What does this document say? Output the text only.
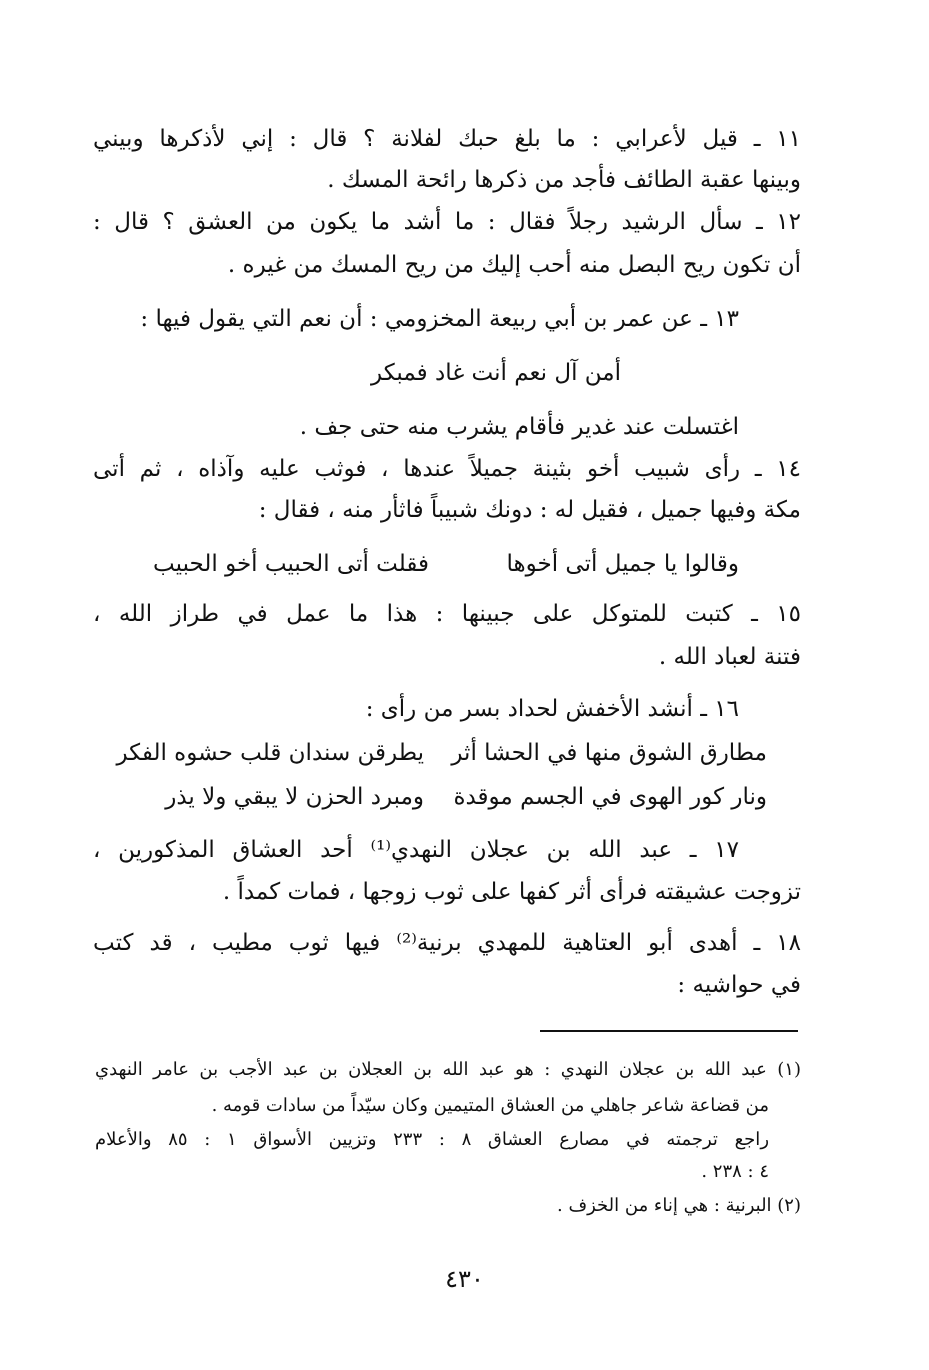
١١ ـ قيل لأعرابي : ما بلغ حبك لفلانة ؟ قال : إني لأذكرها وبيني
وبينها عقبة الطائف فأجد من ذكرها رائحة المسك .
١٢ ـ سأل الرشيد رجلاً فقال : ما أشد ما يكون من العشق ؟ قال :
أن تكون ريح البصل منه أحب إليك من ريح المسك من غيره .
١٣ ـ عن عمر بن أبي ربيعة المخزومي : أن نعم التي يقول فيها :
أمن آل نعم أنت غاد فمبكر
اغتسلت عند غدير فأقام يشرب منه حتى جف .
١٤ ـ رأى شبيب أخو بثينة جميلاً عندها ، فوثب عليه وآذاه ، ثم أتى
مكة وفيها جميل ، فقيل له : دونك شبيباً فاثأر منه ، فقال :
وقالوا يا جميل أتى أخوها
فقلت أتى الحبيب أخو الحبيب
١٥ ـ كتبت للمتوكل على جبينها : هذا ما عمل في طراز الله ،
فتنة لعباد الله .
١٦ ـ أنشد الأخفش لحداد بسر من رأى :
مطارق الشوق منها في الحشا أثر
يطرقن سندان قلب حشوه الفكر
ونار كور الهوى في الجسم موقدة
ومبرد الحزن لا يبقي ولا يذر
١٧ ـ عبد الله بن عجلان النهدي⁽¹⁾ أحد العشاق المذكورين ،
تزوجت عشيقته فرأى أثر كفها على ثوب زوجها ، فمات كمداً .
١٨ ـ أهدى أبو العتاهية للمهدي برنية⁽²⁾ فيها ثوب مطيب ، قد كتب
في حواشيه :
(١) عبد الله بن عجلان النهدي : هو عبد الله بن العجلان بن عبد الأجب بن عامر النهدي
من قضاعة شاعر جاهلي من العشاق المتيمين وكان سيّداً من سادات قومه .
راجع ترجمته في مصارع العشاق ٨ : ٢٣٣ وتزيين الأسواق ١ : ٨٥ والأعلام
٤ : ٢٣٨ .
(٢) البرنية : هي إناء من الخزف .
٤٣٠
